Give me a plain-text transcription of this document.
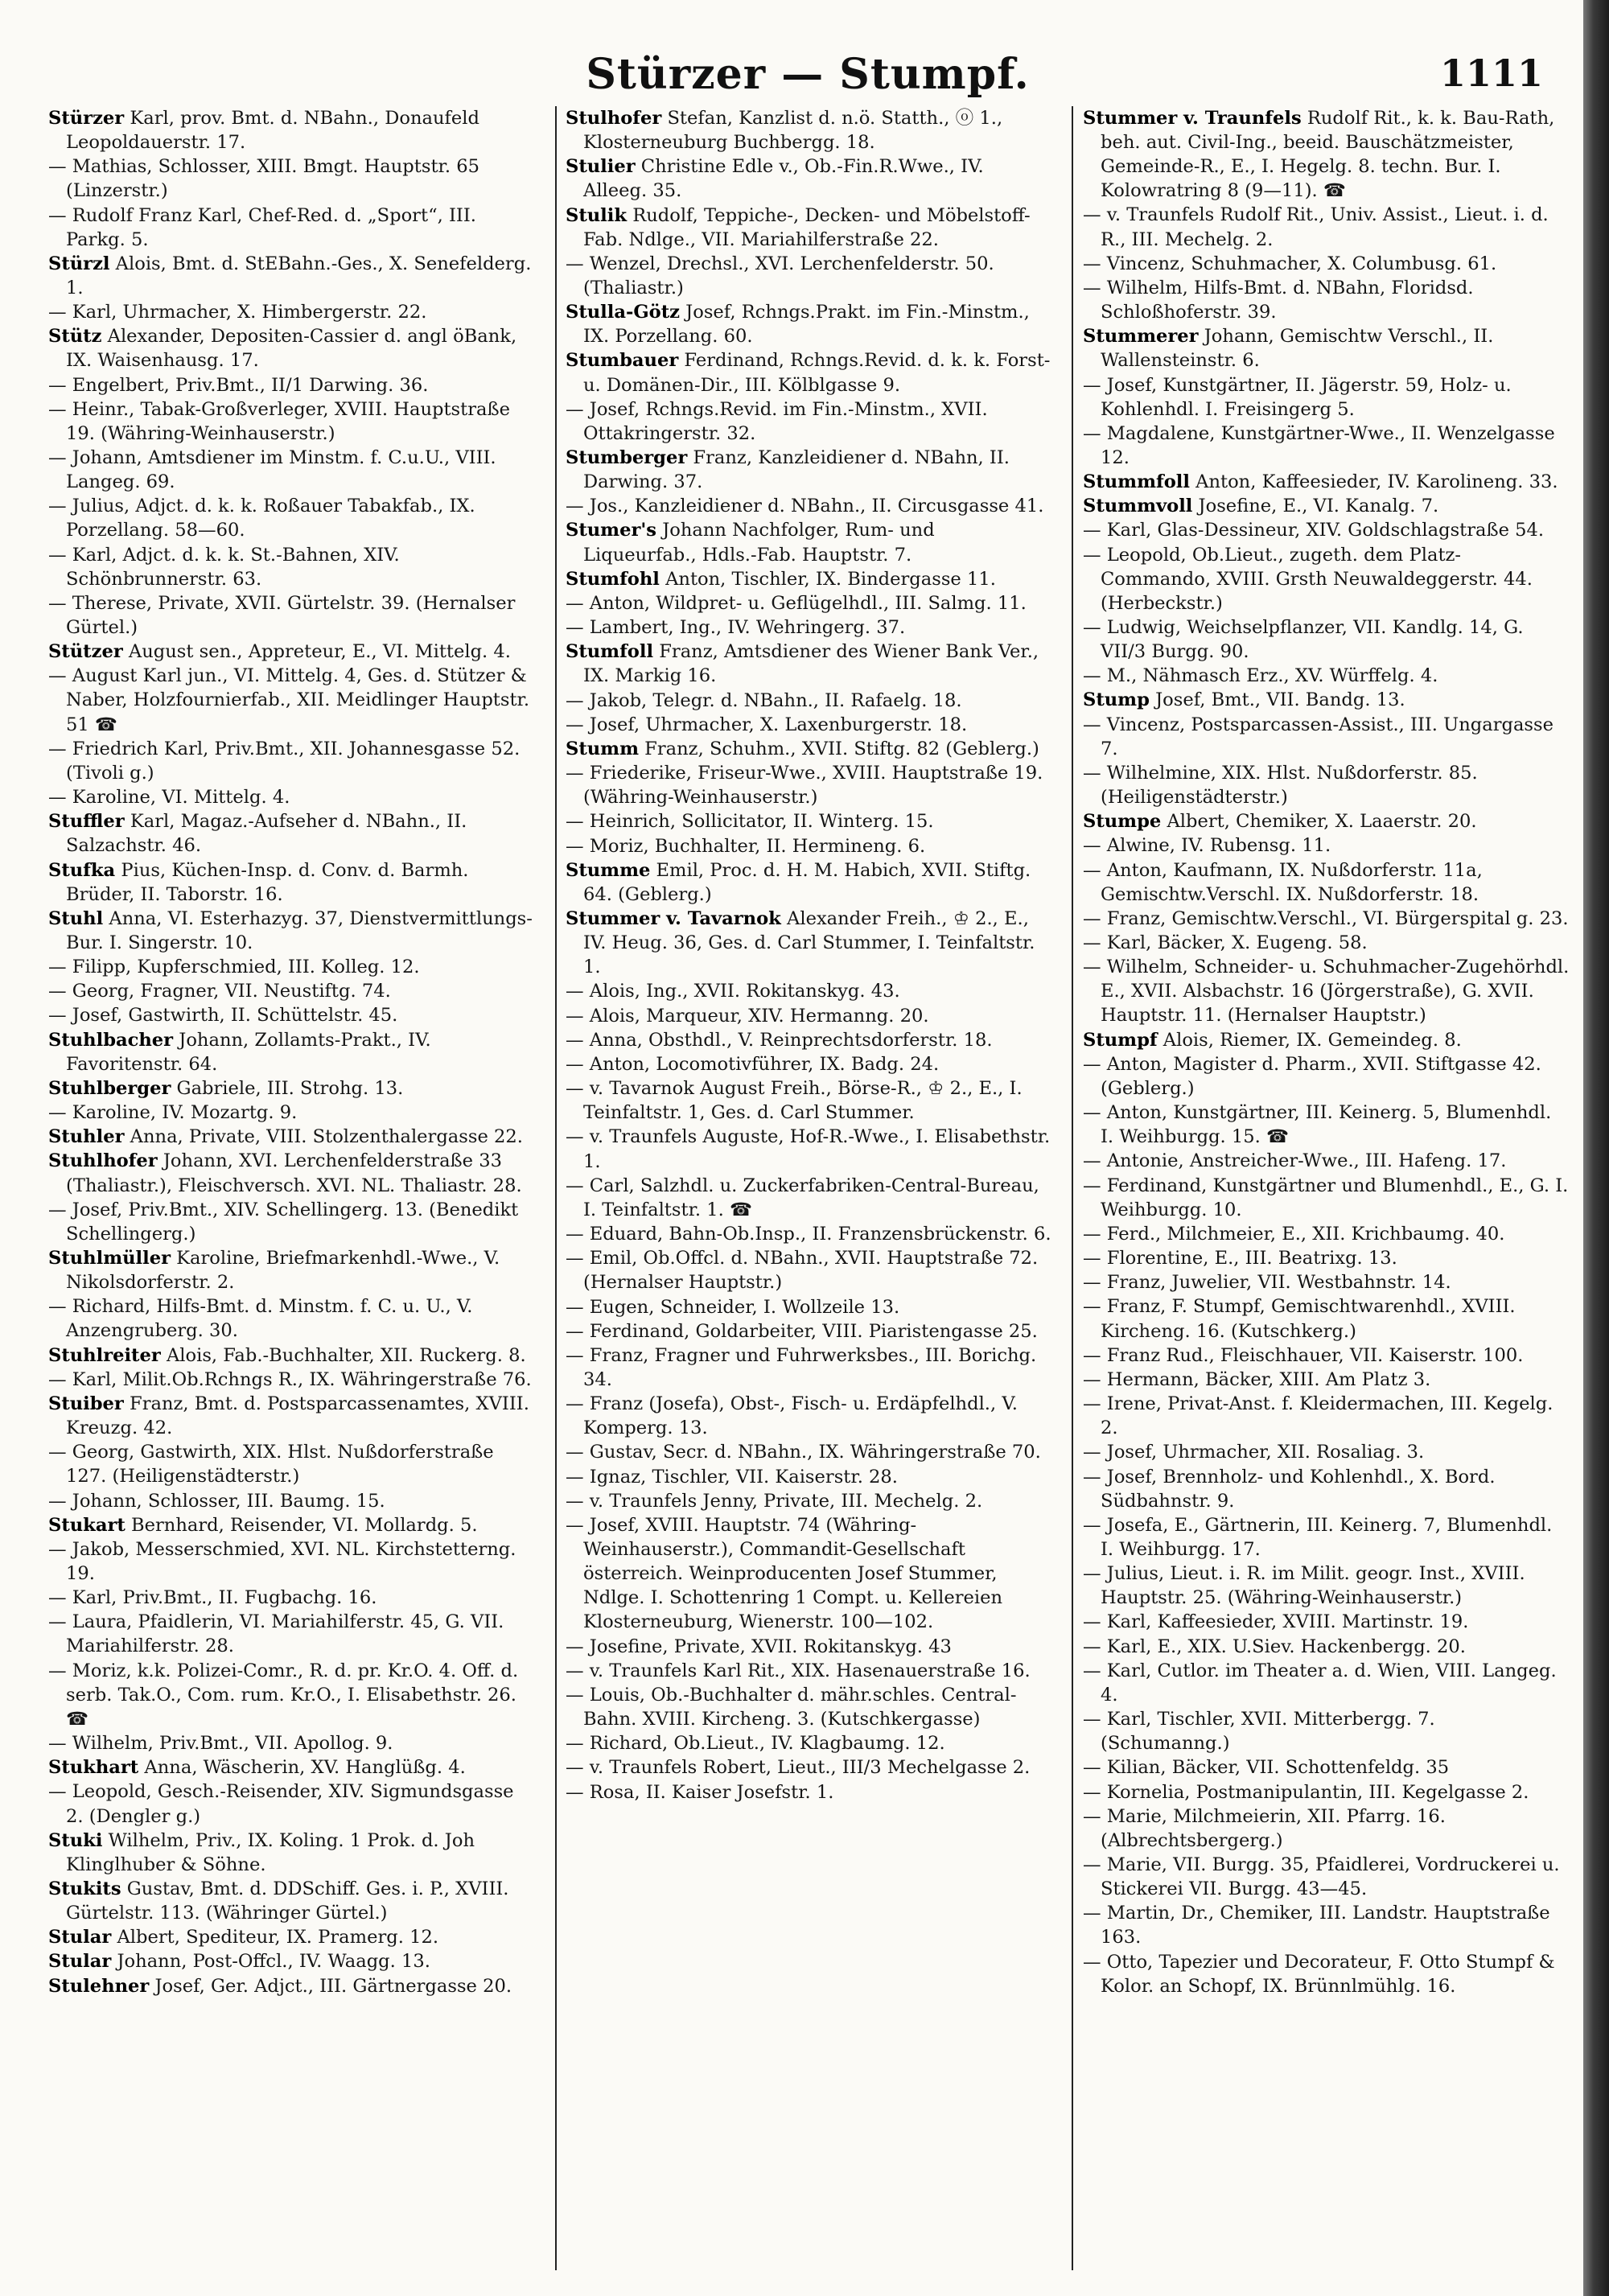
Stürzer — Stumpf.	1111
Stürzer Karl, prov. Bmt. d. NBahn., Donaufeld Leopoldauerstr. 17.
— Mathias, Schlosser, XIII. Bmgt. Hauptstr. 65 (Linzerstr.)
— Rudolf Franz Karl, Chef-Red. d. „Sport“, III. Parkg. 5.
Stürzl Alois, Bmt. d. StEBahn.-Ges., X. Senefelderg. 1.
— Karl, Uhrmacher, X. Himbergerstr. 22.
Stütz Alexander, Depositen-Cassier d. angl öBank, IX. Waisenhausg. 17.
— Engelbert, Priv.Bmt., II/1 Darwing. 36.
— Heinr., Tabak-Großverleger, XVIII. Hauptstraße 19. (Währing-Weinhauserstr.)
— Johann, Amtsdiener im Minstm. f. C.u.U., VIII. Langeg. 69.
— Julius, Adjct. d. k. k. Roßauer Tabakfab., IX. Porzellang. 58—60.
— Karl, Adjct. d. k. k. St.-Bahnen, XIV. Schönbrunnerstr. 63.
— Therese, Private, XVII. Gürtelstr. 39. (Hernalser Gürtel.)
Stützer August sen., Appreteur, E., VI. Mittelg. 4.
— August Karl jun., VI. Mittelg. 4, Ges. d. Stützer & Naber, Holzfournierfab., XII. Meidlinger Hauptstr. 51 ☎
— Friedrich Karl, Priv.Bmt., XII. Johannesgasse 52. (Tivoli g.)
— Karoline, VI. Mittelg. 4.
Stuffler Karl, Magaz.-Aufseher d. NBahn., II. Salzachstr. 46.
Stufka Pius, Küchen-Insp. d. Conv. d. Barmh. Brüder, II. Taborstr. 16.
Stuhl Anna, VI. Esterhazyg. 37, Dienstvermittlungs-Bur. I. Singerstr. 10.
— Filipp, Kupferschmied, III. Kolleg. 12.
— Georg, Fragner, VII. Neustiftg. 74.
— Josef, Gastwirth, II. Schüttelstr. 45.
Stuhlbacher Johann, Zollamts-Prakt., IV. Favoritenstr. 64.
Stuhlberger Gabriele, III. Strohg. 13.
— Karoline, IV. Mozartg. 9.
Stuhler Anna, Private, VIII. Stolzenthalergasse 22.
Stuhlhofer Johann, XVI. Lerchenfelderstraße 33 (Thaliastr.), Fleischversch. XVI. NL. Thaliastr. 28.
— Josef, Priv.Bmt., XIV. Schellingerg. 13. (Benedikt Schellingerg.)
Stuhlmüller Karoline, Briefmarkenhdl.-Wwe., V. Nikolsdorferstr. 2.
— Richard, Hilfs-Bmt. d. Minstm. f. C. u. U., V. Anzengruberg. 30.
Stuhlreiter Alois, Fab.-Buchhalter, XII. Ruckerg. 8.
— Karl, Milit.Ob.Rchngs R., IX. Währingerstraße 76.
Stuiber Franz, Bmt. d. Postsparcassenamtes, XVIII. Kreuzg. 42.
— Georg, Gastwirth, XIX. Hlst. Nußdorferstraße 127. (Heiligenstädterstr.)
— Johann, Schlosser, III. Baumg. 15.
Stukart Bernhard, Reisender, VI. Mollardg. 5.
— Jakob, Messerschmied, XVI. NL. Kirchstetterng. 19.
— Karl, Priv.Bmt., II. Fugbachg. 16.
— Laura, Pfaidlerin, VI. Mariahilferstr. 45, G. VII. Mariahilferstr. 28.
— Moriz, k.k. Polizei-Comr., R. d. pr. Kr.O. 4. Off. d. serb. Tak.O., Com. rum. Kr.O., I. Elisabethstr. 26. ☎
— Wilhelm, Priv.Bmt., VII. Apollog. 9.
Stukhart Anna, Wäscherin, XV. Hanglüßg. 4.
— Leopold, Gesch.-Reisender, XIV. Sigmundsgasse 2. (Dengler g.)
Stuki Wilhelm, Priv., IX. Koling. 1 Prok. d. Joh Klinglhuber & Söhne.
Stukits Gustav, Bmt. d. DDSchiff. Ges. i. P., XVIII. Gürtelstr. 113. (Währinger Gürtel.)
Stular Albert, Spediteur, IX. Pramerg. 12.
Stular Johann, Post-Offcl., IV. Waagg. 13.
Stulehner Josef, Ger. Adjct., III. Gärtnergasse 20.
Stulhofer Stefan, Kanzlist d. n.ö. Statth., ⓞ 1., Klosterneuburg Buchbergg. 18.
Stulier Christine Edle v., Ob.-Fin.R.Wwe., IV. Alleeg. 35.
Stulik Rudolf, Teppiche-, Decken- und Möbelstoff-Fab. Ndlge., VII. Mariahilferstraße 22.
— Wenzel, Drechsl., XVI. Lerchenfelderstr. 50. (Thaliastr.)
Stulla-Götz Josef, Rchngs.Prakt. im Fin.-Minstm., IX. Porzellang. 60.
Stumbauer Ferdinand, Rchngs.Revid. d. k. k. Forst- u. Domänen-Dir., III. Kölblgasse 9.
— Josef, Rchngs.Revid. im Fin.-Minstm., XVII. Ottakringerstr. 32.
Stumberger Franz, Kanzleidiener d. NBahn, II. Darwing. 37.
— Jos., Kanzleidiener d. NBahn., II. Circusgasse 41.
Stumer's Johann Nachfolger, Rum- und Liqueurfab., Hdls.-Fab. Hauptstr. 7.
Stumfohl Anton, Tischler, IX. Bindergasse 11.
— Anton, Wildpret- u. Geflügelhdl., III. Salmg. 11.
— Lambert, Ing., IV. Wehringerg. 37.
Stumfoll Franz, Amtsdiener des Wiener Bank Ver., IX. Markig 16.
— Jakob, Telegr. d. NBahn., II. Rafaelg. 18.
— Josef, Uhrmacher, X. Laxenburgerstr. 18.
Stumm Franz, Schuhm., XVII. Stiftg. 82 (Geblerg.)
— Friederike, Friseur-Wwe., XVIII. Hauptstraße 19. (Währing-Weinhauserstr.)
— Heinrich, Sollicitator, II. Winterg. 15.
— Moriz, Buchhalter, II. Hermineng. 6.
Stumme Emil, Proc. d. H. M. Habich, XVII. Stiftg. 64. (Geblerg.)
Stummer v. Tavarnok Alexander Freih., ♔ 2., E., IV. Heug. 36, Ges. d. Carl Stummer, I. Teinfaltstr. 1.
— Alois, Ing., XVII. Rokitanskyg. 43.
— Alois, Marqueur, XIV. Hermanng. 20.
— Anna, Obsthdl., V. Reinprechtsdorferstr. 18.
— Anton, Locomotivführer, IX. Badg. 24.
— v. Tavarnok August Freih., Börse-R., ♔ 2., E., I. Teinfaltstr. 1, Ges. d. Carl Stummer.
— v. Traunfels Auguste, Hof-R.-Wwe., I. Elisabethstr. 1.
— Carl, Salzhdl. u. Zuckerfabriken-Central-Bureau, I. Teinfaltstr. 1. ☎
— Eduard, Bahn-Ob.Insp., II. Franzensbrückenstr. 6.
— Emil, Ob.Offcl. d. NBahn., XVII. Hauptstraße 72. (Hernalser Hauptstr.)
— Eugen, Schneider, I. Wollzeile 13.
— Ferdinand, Goldarbeiter, VIII. Piaristengasse 25.
— Franz, Fragner und Fuhrwerksbes., III. Borichg. 34.
— Franz (Josefa), Obst-, Fisch- u. Erdäpfelhdl., V. Komperg. 13.
— Gustav, Secr. d. NBahn., IX. Währingerstraße 70.
— Ignaz, Tischler, VII. Kaiserstr. 28.
— v. Traunfels Jenny, Private, III. Mechelg. 2.
— Josef, XVIII. Hauptstr. 74 (Währing-Weinhauserstr.), Commandit-Gesellschaft österreich. Weinproducenten Josef Stummer, Ndlge. I. Schottenring 1 Compt. u. Kellereien Klosterneuburg, Wienerstr. 100—102.
— Josefine, Private, XVII. Rokitanskyg. 43
— v. Traunfels Karl Rit., XIX. Hasenauerstraße 16.
— Louis, Ob.-Buchhalter d. mähr.schles. Central-Bahn. XVIII. Kircheng. 3. (Kutschkergasse)
— Richard, Ob.Lieut., IV. Klagbaumg. 12.
— v. Traunfels Robert, Lieut., III/3 Mechelgasse 2.
— Rosa, II. Kaiser Josefstr. 1.
Stummer v. Traunfels Rudolf Rit., k. k. Bau-Rath, beh. aut. Civil-Ing., beeid. Bauschätzmeister, Gemeinde-R., E., I. Hegelg. 8. techn. Bur. I. Kolowratring 8 (9—11). ☎
— v. Traunfels Rudolf Rit., Univ. Assist., Lieut. i. d. R., III. Mechelg. 2.
— Vincenz, Schuhmacher, X. Columbusg. 61.
— Wilhelm, Hilfs-Bmt. d. NBahn, Floridsd. Schloßhoferstr. 39.
Stummerer Johann, Gemischtw Verschl., II. Wallensteinstr. 6.
— Josef, Kunstgärtner, II. Jägerstr. 59, Holz- u. Kohlenhdl. I. Freisingerg 5.
— Magdalene, Kunstgärtner-Wwe., II. Wenzelgasse 12.
Stummfoll Anton, Kaffeesieder, IV. Karolineng. 33.
Stummvoll Josefine, E., VI. Kanalg. 7.
— Karl, Glas-Dessineur, XIV. Goldschlagstraße 54.
— Leopold, Ob.Lieut., zugeth. dem Platz-Commando, XVIII. Grsth Neuwaldeggerstr. 44. (Herbeckstr.)
— Ludwig, Weichselpflanzer, VII. Kandlg. 14, G. VII/3 Burgg. 90.
— M., Nähmasch Erz., XV. Würffelg. 4.
Stump Josef, Bmt., VII. Bandg. 13.
— Vincenz, Postsparcassen-Assist., III. Ungargasse 7.
— Wilhelmine, XIX. Hlst. Nußdorferstr. 85. (Heiligenstädterstr.)
Stumpe Albert, Chemiker, X. Laaerstr. 20.
— Alwine, IV. Rubensg. 11.
— Anton, Kaufmann, IX. Nußdorferstr. 11a, Gemischtw.Verschl. IX. Nußdorferstr. 18.
— Franz, Gemischtw.Verschl., VI. Bürgerspital g. 23.
— Karl, Bäcker, X. Eugeng. 58.
— Wilhelm, Schneider- u. Schuhmacher-Zugehörhdl. E., XVII. Alsbachstr. 16 (Jörgerstraße), G. XVII. Hauptstr. 11. (Hernalser Hauptstr.)
Stumpf Alois, Riemer, IX. Gemeindeg. 8.
— Anton, Magister d. Pharm., XVII. Stiftgasse 42. (Geblerg.)
— Anton, Kunstgärtner, III. Keinerg. 5, Blumenhdl. I. Weihburgg. 15. ☎
— Antonie, Anstreicher-Wwe., III. Hafeng. 17.
— Ferdinand, Kunstgärtner und Blumenhdl., E., G. I. Weihburgg. 10.
— Ferd., Milchmeier, E., XII. Krichbaumg. 40.
— Florentine, E., III. Beatrixg. 13.
— Franz, Juwelier, VII. Westbahnstr. 14.
— Franz, F. Stumpf, Gemischtwarenhdl., XVIII. Kircheng. 16. (Kutschkerg.)
— Franz Rud., Fleischhauer, VII. Kaiserstr. 100.
— Hermann, Bäcker, XIII. Am Platz 3.
— Irene, Privat-Anst. f. Kleidermachen, III. Kegelg. 2.
— Josef, Uhrmacher, XII. Rosaliag. 3.
— Josef, Brennholz- und Kohlenhdl., X. Bord. Südbahnstr. 9.
— Josefa, E., Gärtnerin, III. Keinerg. 7, Blumenhdl. I. Weihburgg. 17.
— Julius, Lieut. i. R. im Milit. geogr. Inst., XVIII. Hauptstr. 25. (Währing-Weinhauserstr.)
— Karl, Kaffeesieder, XVIII. Martinstr. 19.
— Karl, E., XIX. U.Siev. Hackenbergg. 20.
— Karl, Cutlor. im Theater a. d. Wien, VIII. Langeg. 4.
— Karl, Tischler, XVII. Mitterbergg. 7. (Schumanng.)
— Kilian, Bäcker, VII. Schottenfeldg. 35
— Kornelia, Postmanipulantin, III. Kegelgasse 2.
— Marie, Milchmeierin, XII. Pfarrg. 16. (Albrechtsbergerg.)
— Marie, VII. Burgg. 35, Pfaidlerei, Vordruckerei u. Stickerei VII. Burgg. 43—45.
— Martin, Dr., Chemiker, III. Landstr. Hauptstraße 163.
— Otto, Tapezier und Decorateur, F. Otto Stumpf & Kolor. an Schopf, IX. Brünnlmühlg. 16.
